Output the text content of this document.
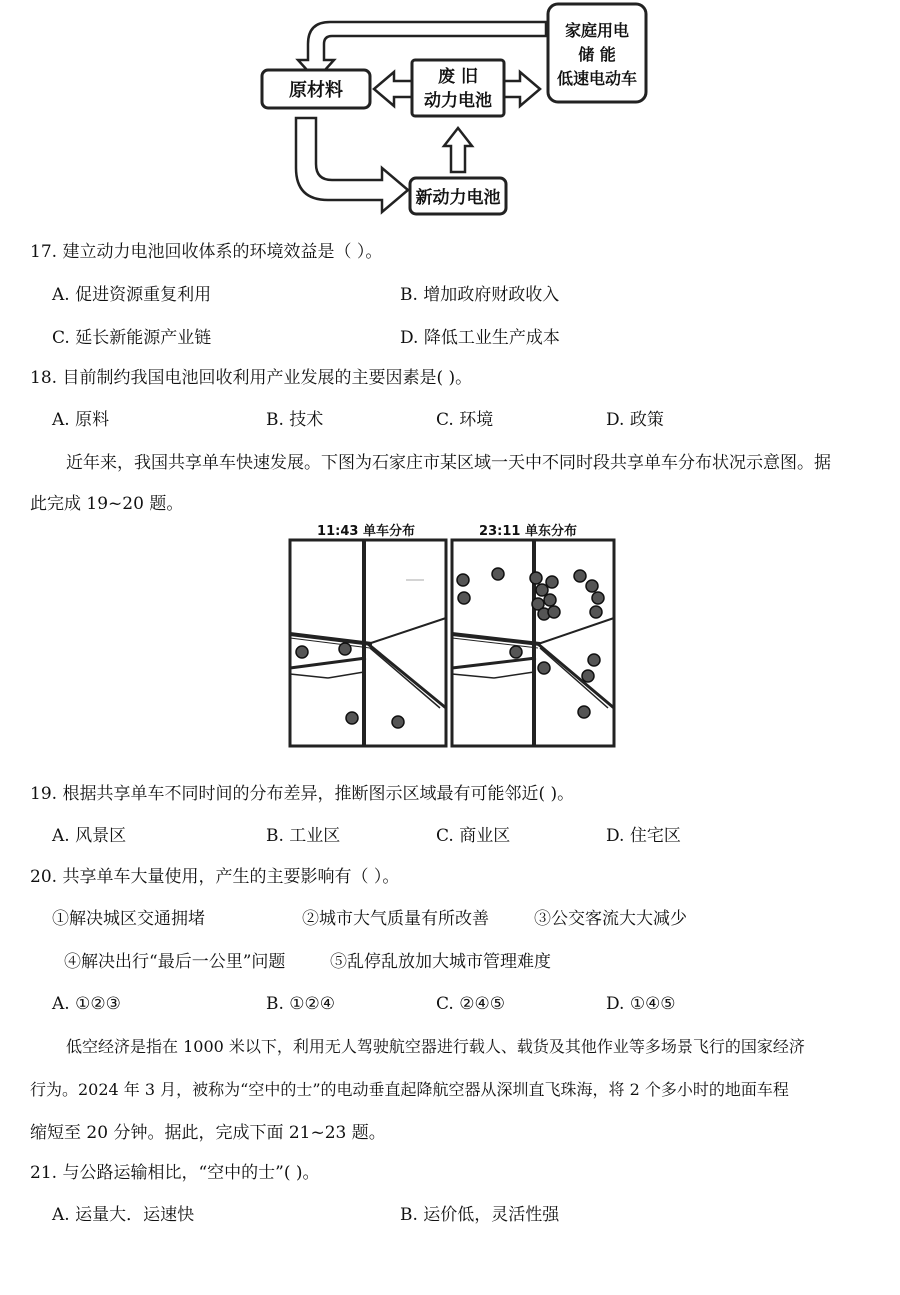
原材料
废 旧
动力电池
家庭用电
储 能
低速电动车
新动力电池
17. 建立动力电池回收体系的环境效益是（ ）。
A. 促进资源重复利用	B. 增加政府财政收入
C. 延长新能源产业链	D. 降低工业生产成本
18. 目前制约我国电池回收利用产业发展的主要因素是( )。
A. 原料	B. 技术	C. 环境	D. 政策
近年来，我国共享单车快速发展。下图为石家庄市某区域一天中不同时段共享单车分布状况示意图。据
此完成 19~20 题。
11:43 单车分布	23:11 单东分布
19. 根据共享单车不同时间的分布差异，推断图示区域最有可能邻近( )。
A. 风景区	B. 工业区	C. 商业区	D. 住宅区
20. 共享单车大量使用，产生的主要影响有（ ）。
①解决城区交通拥堵	②城市大气质量有所改善	③公交客流大大减少
④解决出行“最后一公里”问题	⑤乱停乱放加大城市管理难度
A. ①②③	B. ①②④	C. ②④⑤	D. ①④⑤
低空经济是指在 1000 米以下，利用无人驾驶航空器进行载人、载货及其他作业等多场景飞行的国家经济
行为。2024 年 3 月，被称为“空中的士”的电动垂直起降航空器从深圳直飞珠海，将 2 个多小时的地面车程
缩短至 20 分钟。据此，完成下面 21~23 题。
21. 与公路运输相比，“空中的士”( )。
A. 运量大．运速快	B. 运价低，灵活性强
